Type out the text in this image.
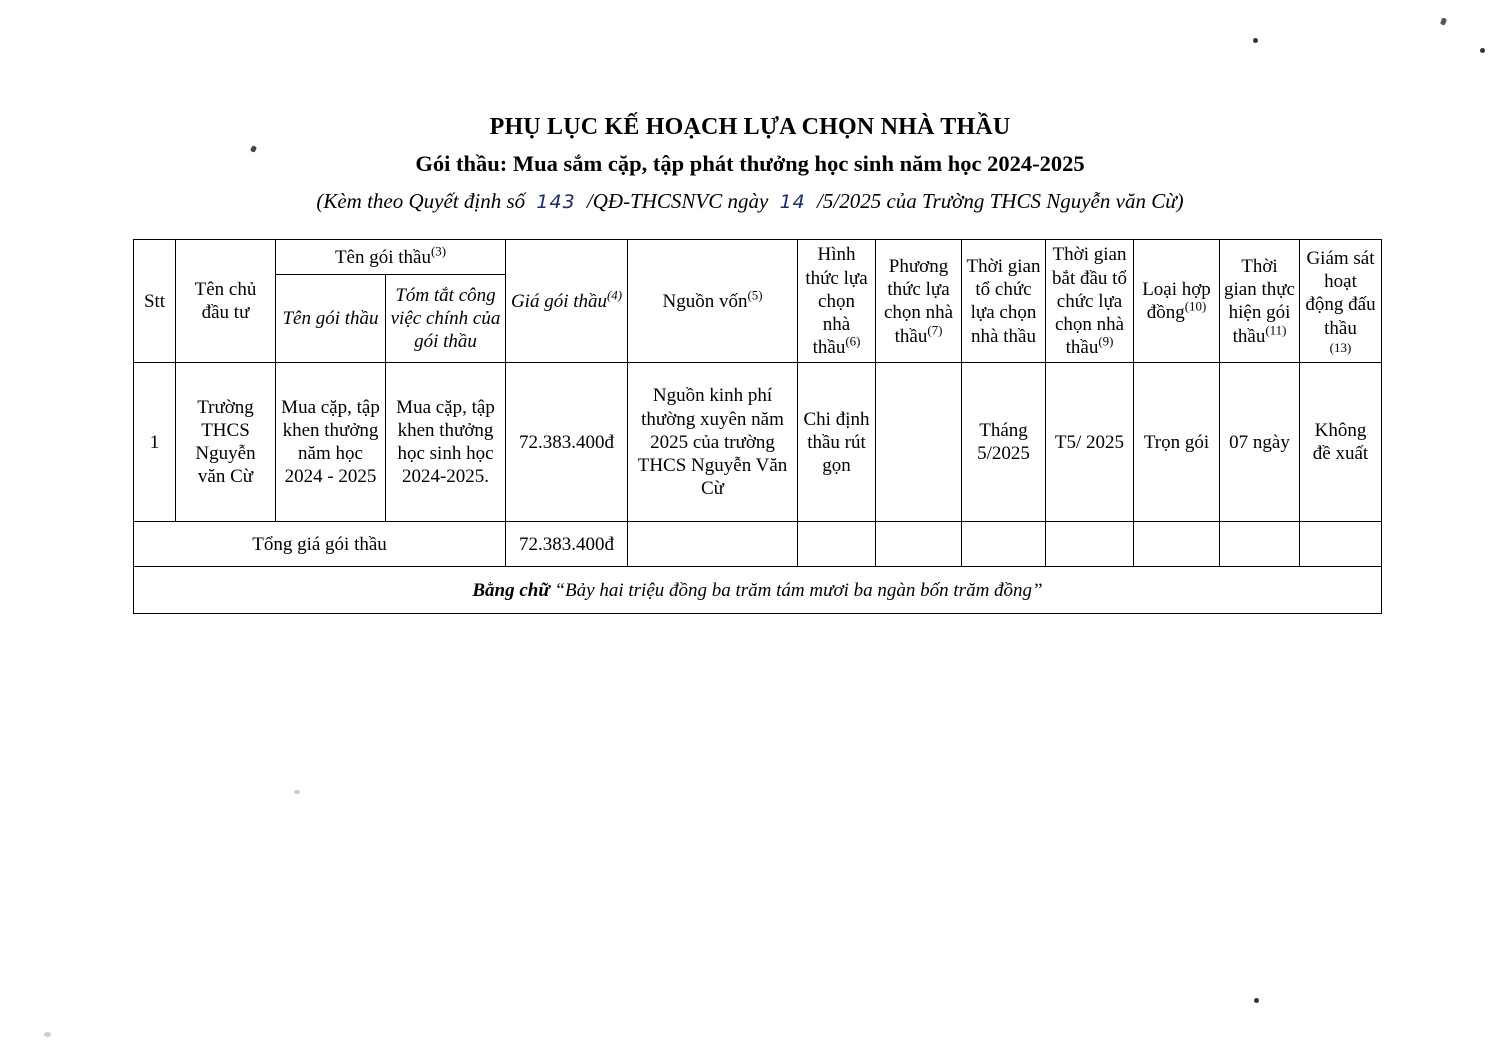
PHỤ LỤC KẾ HOẠCH LỰA CHỌN NHÀ THẦU
Gói thầu: Mua sắm cặp, tập phát thưởng học sinh năm học 2024-2025
(Kèm theo Quyết định số 143 /QĐ-THCSNVC ngày 14 /5/2025 của Trường THCS Nguyễn văn Cừ)
Stt	Tên chủ đầu tư	Tên gói thầu$^{(3)}$		Giá gói thầu$^{(4)}$	Nguồn vốn$^{(5)}$	Hình thức lựa chọn nhà thầu$^{(6)}$	Phương thức lựa chọn nhà thầu$^{(7)}$	Thời gian tổ chức lựa chọn nhà thầu	Thời gian bắt đầu tổ chức lựa chọn nhà thầu$^{(9)}$	Loại hợp đồng$^{(10)}$	Thời gian thực hiện gói thầu$^{(11)}$	Giám sát hoạt động đấu thầu
(13)

		Tên gói thầu	Tóm tắt công việc chính của gói thầu									
1	Trường THCS Nguyễn văn Cừ	Mua cặp, tập khen thưởng năm học 2024 - 2025	Mua cặp, tập khen thưởng học sinh học 2024-2025.	72.383.400đ	Nguồn kinh phí thường xuyên năm 2025 của trường THCS Nguyễn Văn Cừ	Chi định thầu rút gọn		Tháng 5/2025	T5/ 2025	Trọn gói	07 ngày	Không đề xuất
Tổng giá gói thầu				72.383.400đ								
Bằng chữ “Bảy hai triệu đồng ba trăm tám mươi ba ngàn bốn trăm đồng”												
